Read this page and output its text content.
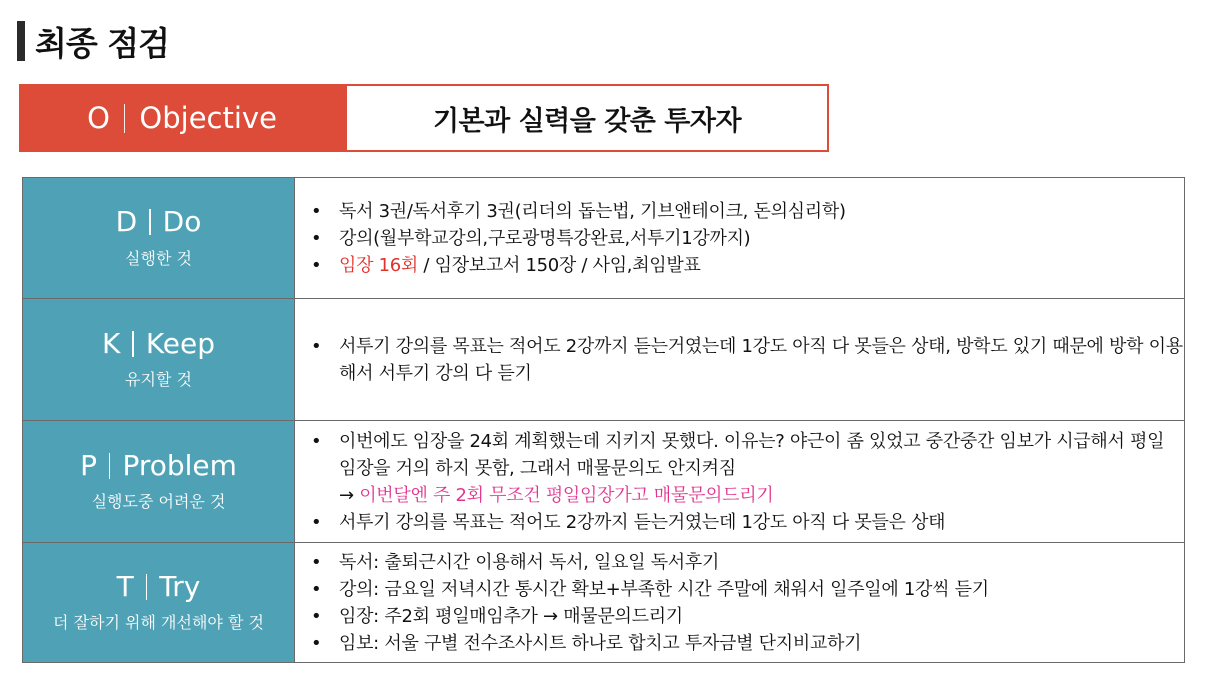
최종 점검
O Objective	기본과 실력을 갖춘 투자자
D Do
실행한 것
• 독서 3권/독서후기 3권(리더의 돕는법, 기브앤테이크, 돈의심리학)
• 강의(월부학교강의,구로광명특강완료,서투기1강까지)
• 임장 16회 / 임장보고서 150장 / 사임,최임발표
K Keep
유지할 것
• 서투기 강의를 목표는 적어도 2강까지 듣는거였는데 1강도 아직 다 못들은 상태, 방학도 있기 때문에 방학 이용해서 서투기 강의 다 듣기
P Problem
실행도중 어려운 것
• 이번에도 임장을 24회 계획했는데 지키지 못했다. 이유는? 야근이 좀 있었고 중간중간 임보가 시급해서 평일 임장을 거의 하지 못함, 그래서 매물문의도 안지켜짐
→ 이번달엔 주 2회 무조건 평일임장가고 매물문의드리기
• 서투기 강의를 목표는 적어도 2강까지 듣는거였는데 1강도 아직 다 못들은 상태
T Try
더 잘하기 위해 개선해야 할 것
• 독서: 출퇴근시간 이용해서 독서, 일요일 독서후기
• 강의: 금요일 저녁시간 통시간 확보+부족한 시간 주말에 채워서 일주일에 1강씩 듣기
• 임장: 주2회 평일매임추가 → 매물문의드리기
• 임보: 서울 구별 전수조사시트 하나로 합치고 투자금별 단지비교하기
